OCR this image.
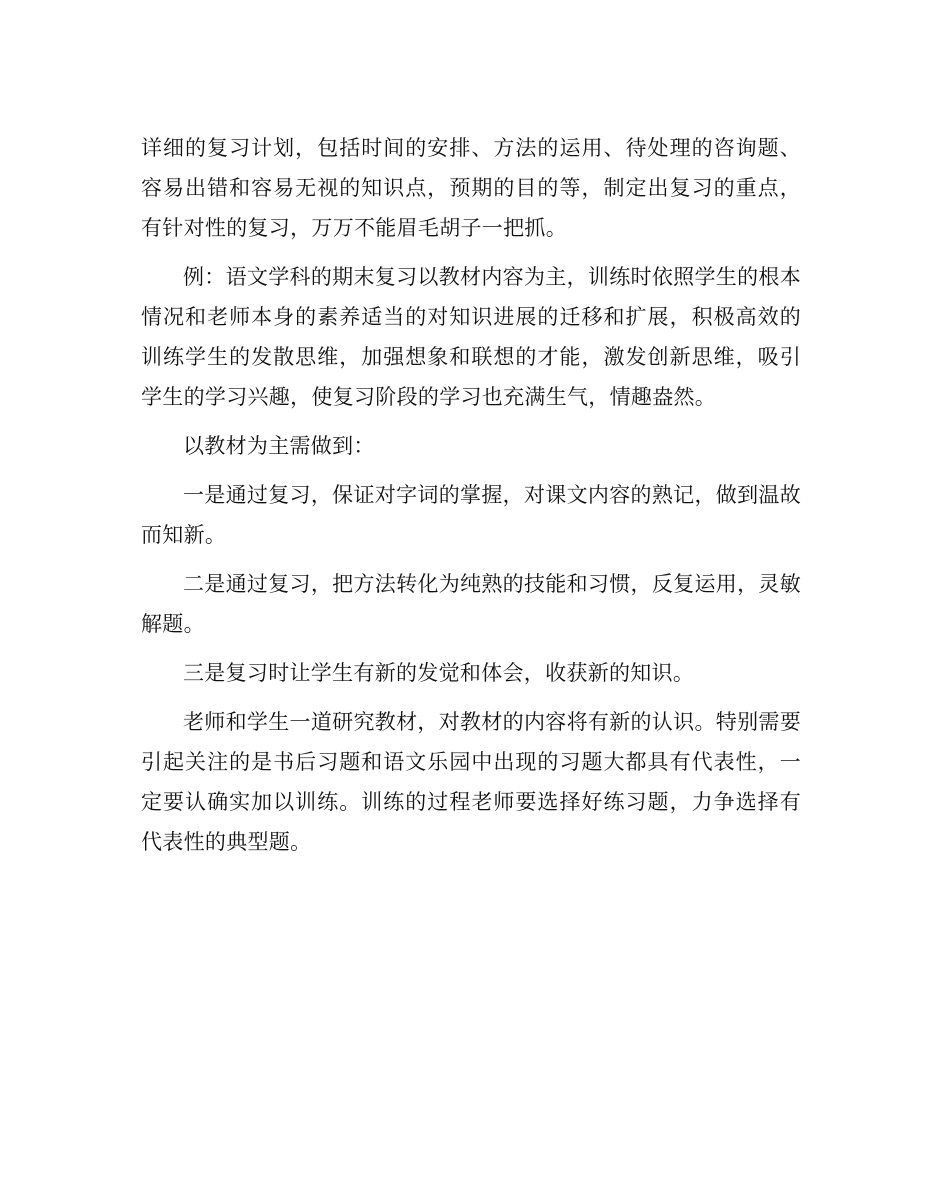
详细的复习计划，包括时间的安排、方法的运用、待处理的咨询题、容易出错和容易无视的知识点，预期的目的等，制定出复习的重点，有针对性的复习，万万不能眉毛胡子一把抓。

例：语文学科的期末复习以教材内容为主，训练时依照学生的根本情况和老师本身的素养适当的对知识进展的迁移和扩展，积极高效的训练学生的发散思维，加强想象和联想的才能，激发创新思维，吸引学生的学习兴趣，使复习阶段的学习也充满生气，情趣盎然。

以教材为主需做到：

一是通过复习，保证对字词的掌握，对课文内容的熟记，做到温故而知新。

二是通过复习，把方法转化为纯熟的技能和习惯，反复运用，灵敏解题。

三是复习时让学生有新的发觉和体会，收获新的知识。

老师和学生一道研究教材，对教材的内容将有新的认识。特别需要引起关注的是书后习题和语文乐园中出现的习题大都具有代表性，一定要认确实加以训练。训练的过程老师要选择好练习题，力争选择有代表性的典型题。
